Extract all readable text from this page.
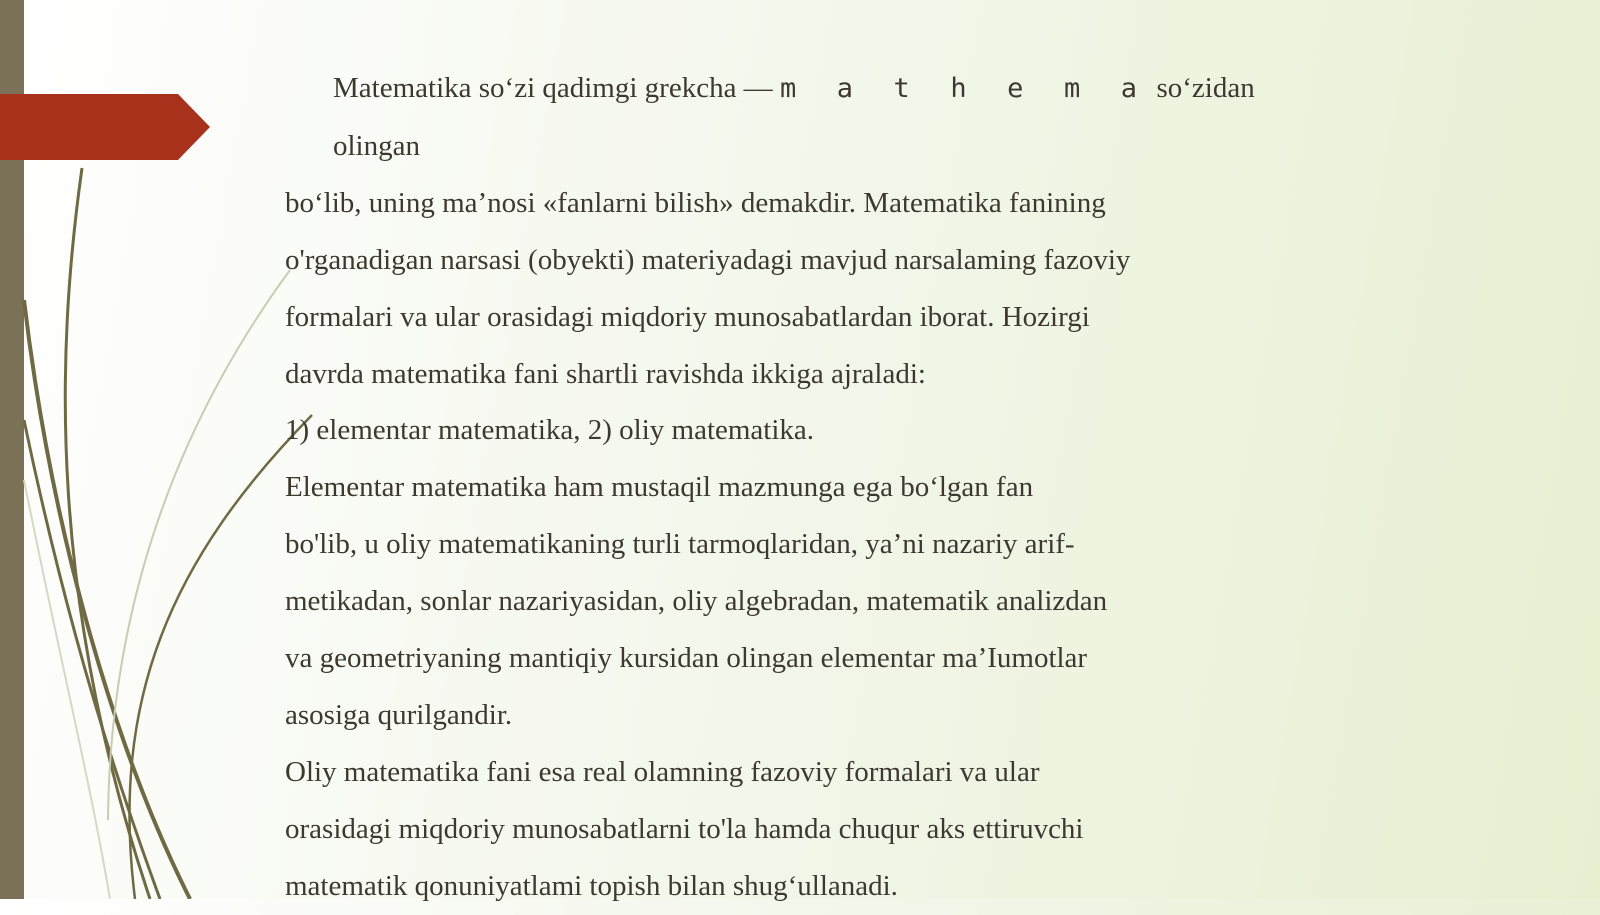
Matematika so‘zi qadimgi grekcha — m a t h e m a so‘zidan olingan

bo‘lib, uning ma’nosi «fanlarni bilish» demakdir. Matematika fanining

o'rganadigan narsasi (obyekti) materiyadagi mavjud narsalaming fazoviy

formalari va ular orasidagi miqdoriy munosabatlardan iborat. Hozirgi

davrda matematika fani shartli ravishda ikkiga ajraladi:

1) elementar matematika, 2) oliy matematika.

Elementar matematika ham mustaqil mazmunga ega bo‘lgan fan

bo'lib, u oliy matematikaning turli tarmoqlaridan, ya’ni nazariy arif-

metikadan, sonlar nazariyasidan, oliy algebradan, matematik analizdan

va geometriyaning mantiqiy kursidan olingan elementar ma’Iumotlar

asosiga qurilgandir.

Oliy matematika fani esa real olamning fazoviy formalari va ular

orasidagi miqdoriy munosabatlarni to'la hamda chuqur aks ettiruvchi

matematik qonuniyatlami topish bilan shug‘ullanadi.
